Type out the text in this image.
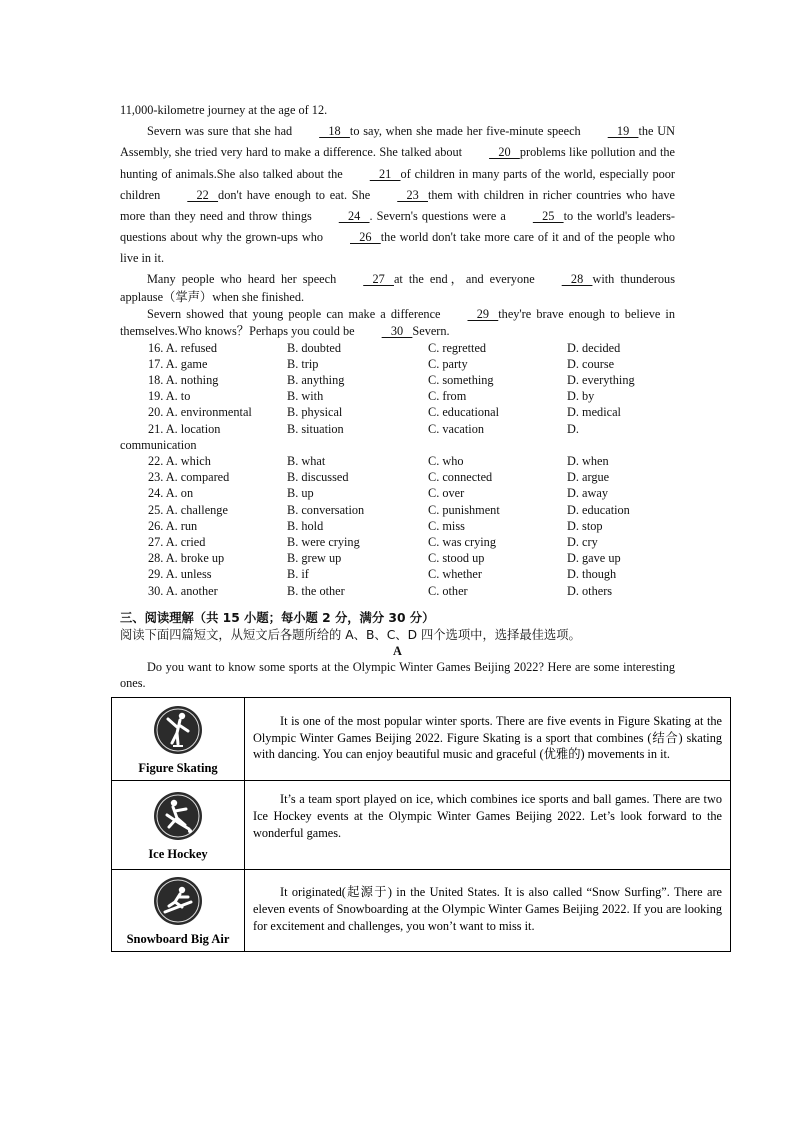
11,000-kilometre journey at the age of 12.

Severn was sure that she had   18   to say, when she made her five-minute speech   19   the UN Assembly, she tried very hard to make a difference. She talked about   20   problems like pollution and the hunting of animals.She also talked about the   21   of children in many parts of the world, especially poor children   22   don't have enough to eat. She   23   them with children in richer countries who have more than they need and throw things   24   . Severn's questions were a   25   to the world's leaders-questions about why the grown-ups who   26   the world don't take more care of it and of the people who live in it.

Many people who heard her speech   27   at the end，and everyone   28   with thunderous applause（掌声）when she finished.

Severn showed that young people can make a difference   29   they're brave enough to believe in themselves.Who knows？Perhaps you could be   30   Severn.

16. A. refused	B. doubted	C. regretted	D. decided
17. A. game	B. trip	C. party	D. course
18. A. nothing	B. anything	C. something	D. everything
19. A. to	B. with	C. from	D. by
20. A. environmental	B. physical	C. educational	D. medical
21. A. location	B. situation	C. vacation	D.
communication
22. A. which	B. what	C. who	D. when
23. A. compared	B. discussed	C. connected	D. argue
24. A. on	B. up	C. over	D. away
25. A. challenge	B. conversation	C. punishment	D. education
26. A. run	B. hold	C. miss	D. stop
27. A. cried	B. were crying	C. was crying	D. cry
28. A. broke up	B. grew up	C. stood up	D. gave up
29. A. unless	B. if	C. whether	D. though
30. A. another	B. the other	C. other	D. others
三、阅读理解（共 15 小题；每小题 2 分，满分 30 分）
阅读下面四篇短文，从短文后各题所给的 A、B、C、D 四个选项中，选择最佳选项。
A

Do you want to know some sports at the Olympic Winter Games Beijing 2022? Here are some interesting ones.

Figure Skating	It is one of the most popular winter sports. There are five events in Figure Skating at the Olympic Winter Games Beijing 2022. Figure Skating is a sport that combines (结合) skating with dancing. You can enjoy beautiful music and graceful (优雅的) movements in it.

Ice Hockey	It’s a team sport played on ice, which combines ice sports and ball games. There are two Ice Hockey events at the Olympic Winter Games Beijing 2022. Let’s look forward to the wonderful games.

Snowboard Big Air	It originated(起源于) in the United States. It is also called “Snow Surfing”. There are eleven events of Snowboarding at the Olympic Winter Games Beijing 2022. If you are looking for excitement and challenges, you won’t want to miss it.
